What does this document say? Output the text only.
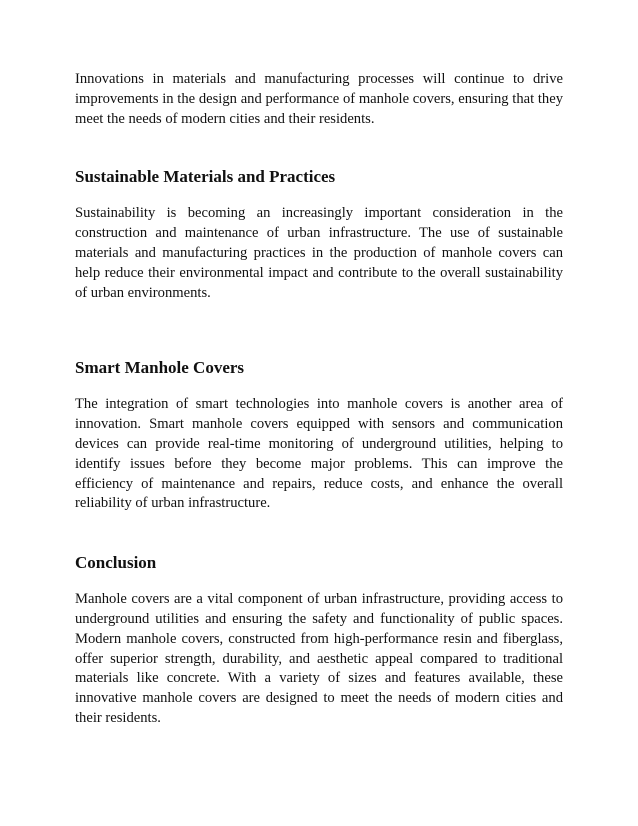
Innovations in materials and manufacturing processes will continue to drive improvements in the design and performance of manhole covers, ensuring that they meet the needs of modern cities and their residents.

Sustainable Materials and Practices

Sustainability is becoming an increasingly important consideration in the construction and maintenance of urban infrastructure. The use of sustainable materials and manufacturing practices in the production of manhole covers can help reduce their environmental impact and contribute to the overall sustainability of urban environments.

Smart Manhole Covers

The integration of smart technologies into manhole covers is another area of innovation. Smart manhole covers equipped with sensors and communication devices can provide real-time monitoring of underground utilities, helping to identify issues before they become major problems. This can improve the efficiency of maintenance and repairs, reduce costs, and enhance the overall reliability of urban infrastructure.

Conclusion

Manhole covers are a vital component of urban infrastructure, providing access to underground utilities and ensuring the safety and functionality of public spaces. Modern manhole covers, constructed from high-performance resin and fiberglass, offer superior strength, durability, and aesthetic appeal compared to traditional materials like concrete. With a variety of sizes and features available, these innovative manhole covers are designed to meet the needs of modern cities and their residents.
